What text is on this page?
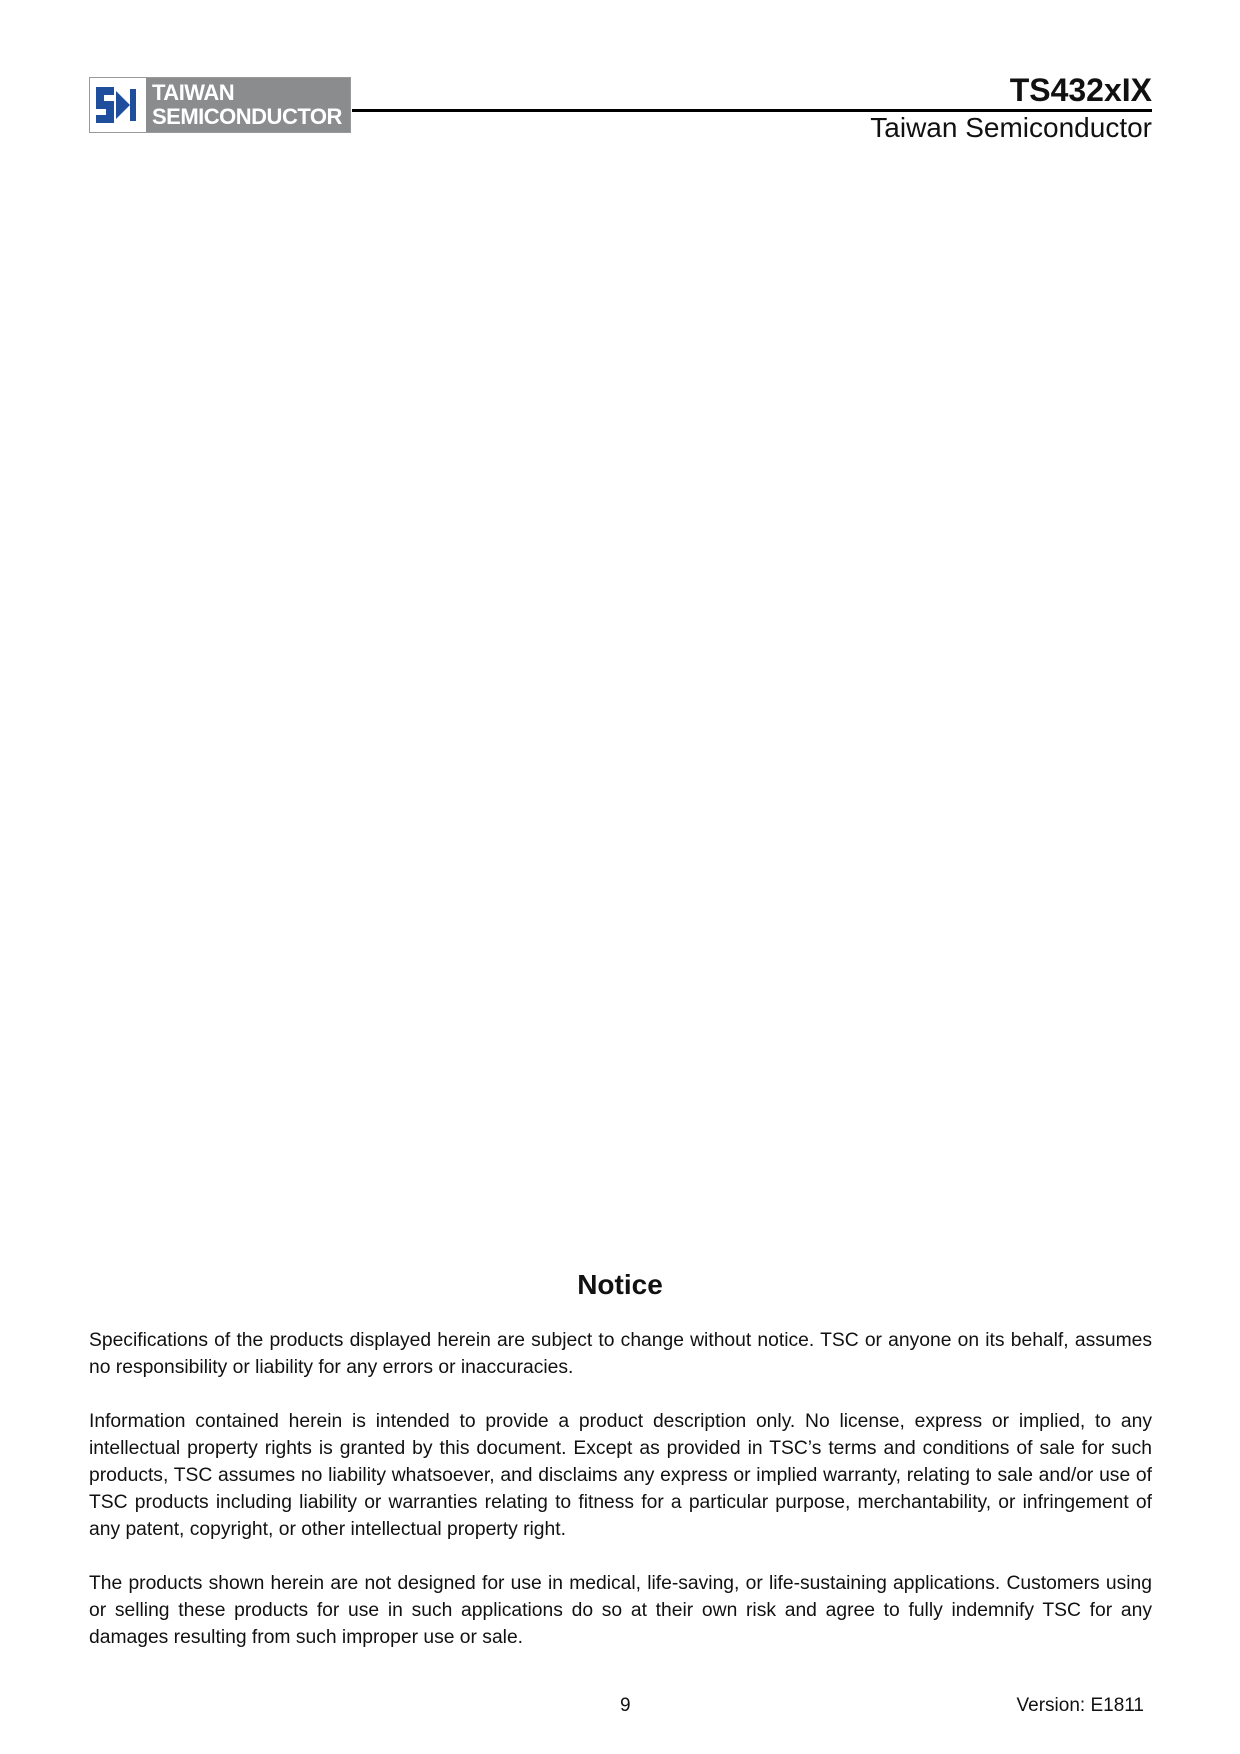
TAIWAN
SEMICONDUCTOR
TS432xIX
Taiwan Semiconductor
Notice

Specifications of the products displayed herein are subject to change without notice. TSC or anyone on its behalf, assumes no responsibility or liability for any errors or inaccuracies.

Information contained herein is intended to provide a product description only. No license, express or implied, to any intellectual property rights is granted by this document. Except as provided in TSC’s terms and conditions of sale for such products, TSC assumes no liability whatsoever, and disclaims any express or implied warranty, relating to sale and/or use of TSC products including liability or warranties relating to fitness for a particular purpose, merchantability, or infringement of any patent, copyright, or other intellectual property right.

The products shown herein are not designed for use in medical, life-saving, or life-sustaining applications. Customers using or selling these products for use in such applications do so at their own risk and agree to fully indemnify TSC for any damages resulting from such improper use or sale.

9	Version: E1811
